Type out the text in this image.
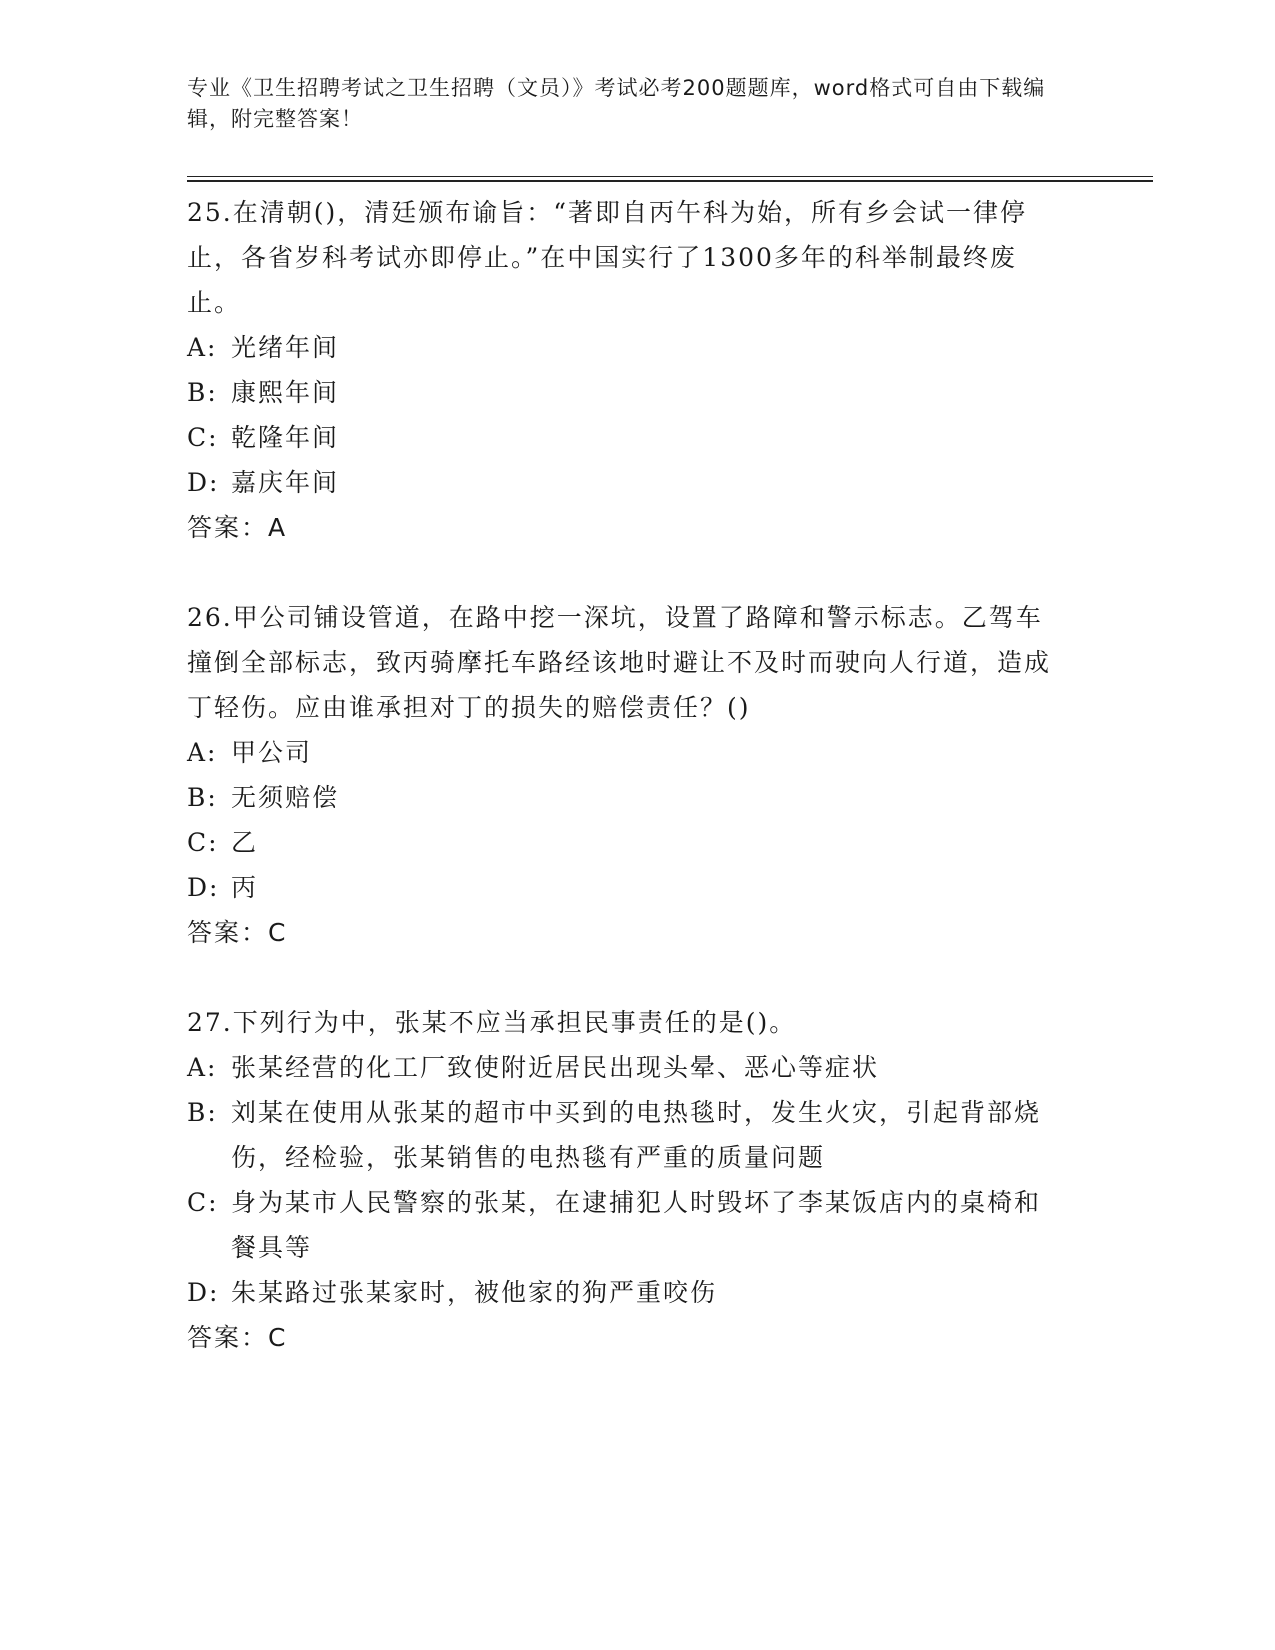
专业《卫生招聘考试之卫生招聘（文员）》考试必考200题题库，word格式可自由下载编辑，附完整答案！

25.在清朝()，清廷颁布谕旨：“著即自丙午科为始，所有乡会试一律停止，各省岁科考试亦即停止。”在中国实行了1300多年的科举制最终废止。

A: 光绪年间

B: 康熙年间

C: 乾隆年间

D: 嘉庆年间

答案：A

26.甲公司铺设管道，在路中挖一深坑，设置了路障和警示标志。乙驾车撞倒全部标志，致丙骑摩托车路经该地时避让不及时而驶向人行道，造成丁轻伤。应由谁承担对丁的损失的赔偿责任？()

A: 甲公司

B: 无须赔偿

C: 乙

D: 丙

答案：C

27.下列行为中，张某不应当承担民事责任的是()。

A: 张某经营的化工厂致使附近居民出现头晕、恶心等症状

B: 刘某在使用从张某的超市中买到的电热毯时，发生火灾，引起背部烧伤，经检验，张某销售的电热毯有严重的质量问题

C: 身为某市人民警察的张某，在逮捕犯人时毁坏了李某饭店内的桌椅和餐具等

D: 朱某路过张某家时，被他家的狗严重咬伤

答案：C
